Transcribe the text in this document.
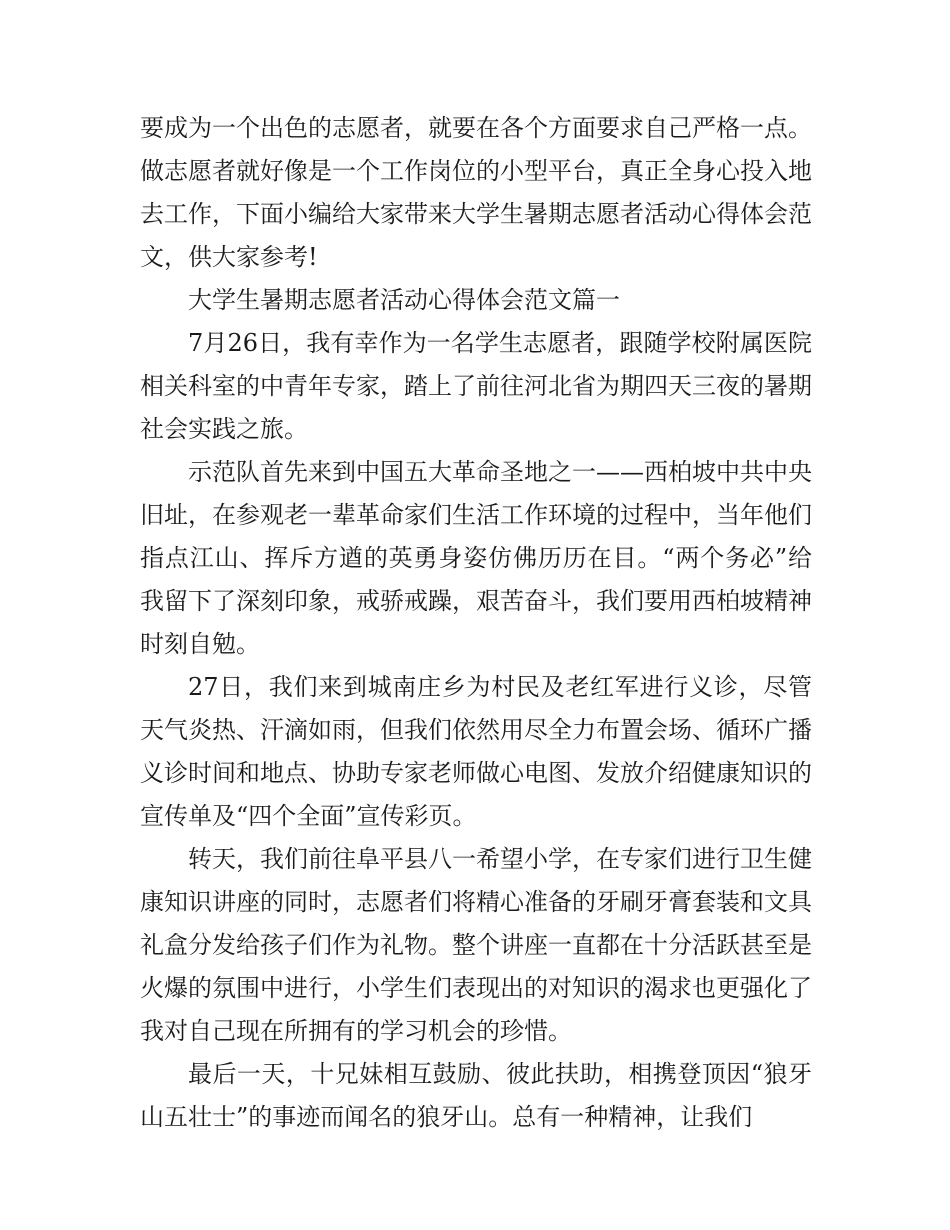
要成为一个出色的志愿者，就要在各个方面要求自己严格一点。做志愿者就好像是一个工作岗位的小型平台，真正全身心投入地去工作，下面小编给大家带来大学生暑期志愿者活动心得体会范文，供大家参考!

大学生暑期志愿者活动心得体会范文篇一

7月26日，我有幸作为一名学生志愿者，跟随学校附属医院相关科室的中青年专家，踏上了前往河北省为期四天三夜的暑期社会实践之旅。

示范队首先来到中国五大革命圣地之一——西柏坡中共中央旧址，在参观老一辈革命家们生活工作环境的过程中，当年他们指点江山、挥斥方遒的英勇身姿仿佛历历在目。“两个务必”给我留下了深刻印象，戒骄戒躁，艰苦奋斗，我们要用西柏坡精神时刻自勉。

27日，我们来到城南庄乡为村民及老红军进行义诊，尽管天气炎热、汗滴如雨，但我们依然用尽全力布置会场、循环广播义诊时间和地点、协助专家老师做心电图、发放介绍健康知识的宣传单及“四个全面”宣传彩页。

转天，我们前往阜平县八一希望小学，在专家们进行卫生健康知识讲座的同时，志愿者们将精心准备的牙刷牙膏套装和文具礼盒分发给孩子们作为礼物。整个讲座一直都在十分活跃甚至是火爆的氛围中进行，小学生们表现出的对知识的渴求也更强化了我对自己现在所拥有的学习机会的珍惜。

最后一天，十兄妹相互鼓励、彼此扶助，相携登顶因“狼牙山五壮士”的事迹而闻名的狼牙山。总有一种精神，让我们
